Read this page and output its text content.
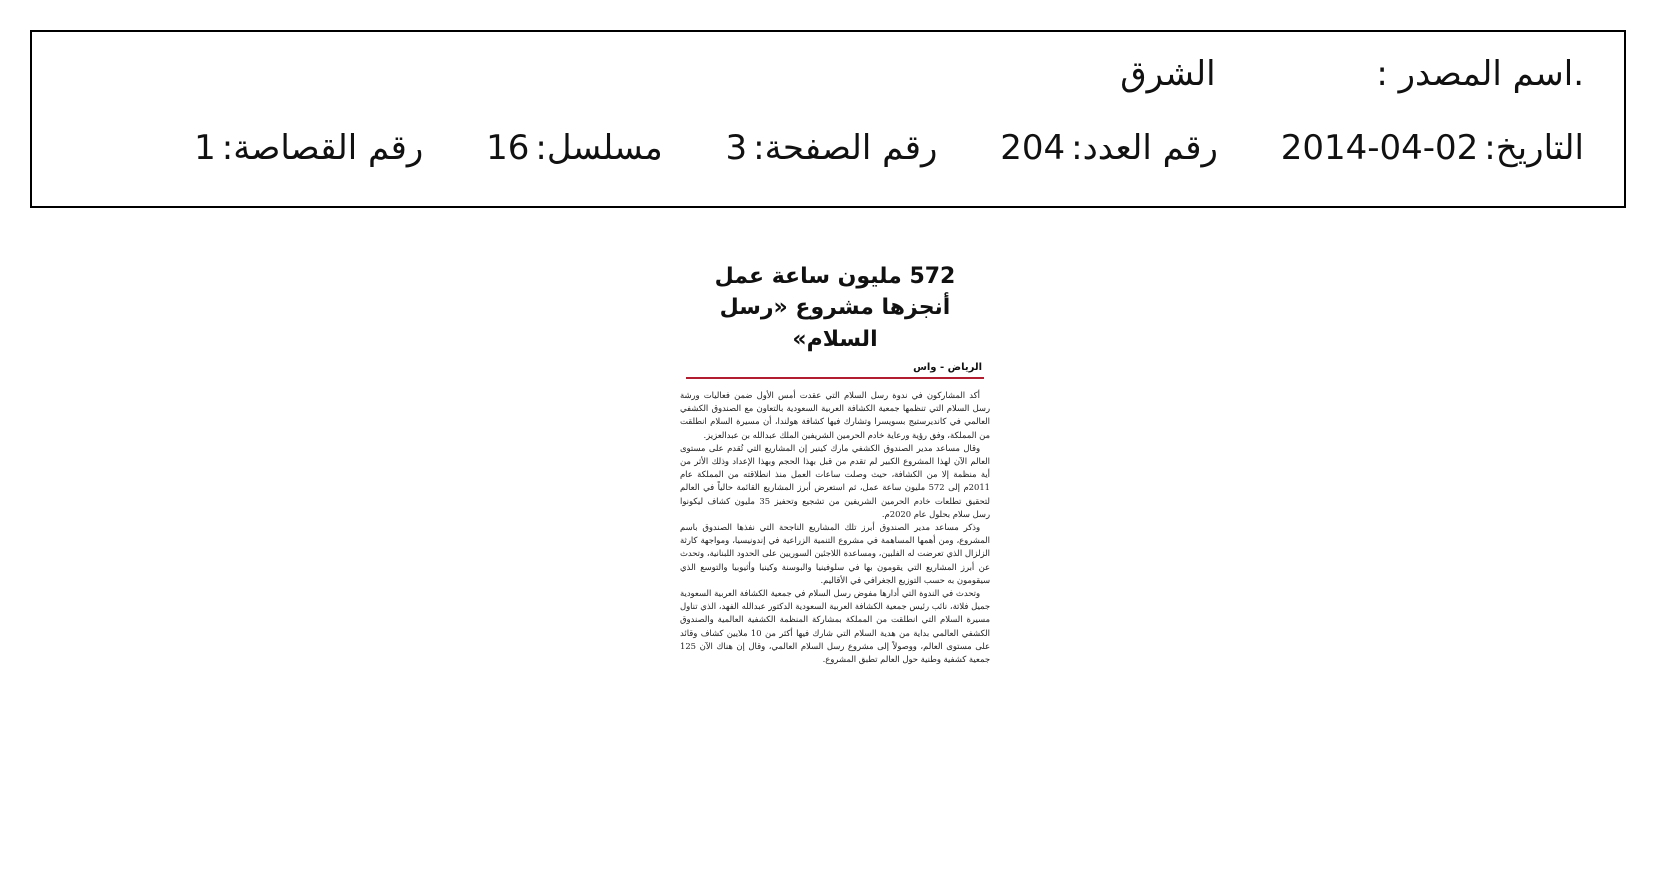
.اسم المصدر : الشرق
التاريخ:2014-04-02 رقم العدد:204 رقم الصفحة:3 مسلسل:16 رقم القصاصة:1
572 مليون ساعة عمل
أنجزها مشروع «رسل السلام»
الرياض - واس

أكد المشاركون في ندوة رسل السلام التي عقدت أمس الأول ضمن فعاليات ورشة رسل السلام التي تنظمها جمعية الكشافة العربية السعودية بالتعاون مع الصندوق الكشفي العالمي في كانديرستيج بسويسرا وتشارك فيها كشافة هولندا، أن مسيرة السلام انطلقت من المملكة، وفق رؤية ورعاية خادم الحرمين الشريفين الملك عبدالله بن عبدالعزيز.

وقال مساعد مدير الصندوق الكشفي مارك كينير إن المشاريع التي تُقدم على مستوى العالم الآن لهذا المشروع الكبير لم تقدم من قبل بهذا الحجم وبهذا الإعداد وذلك الأثر من أية منظمة إلا من الكشافة، حيث وصلت ساعات العمل منذ انطلاقته من المملكة عام 2011م إلى 572 مليون ساعة عمل، ثم استعرض أبرز المشاريع القائمة حالياً في العالم لتحقيق تطلعات خادم الحرمين الشريفين من تشجيع وتحفيز 35 مليون كشاف ليكونوا رسل سلام بحلول عام 2020م.

وذكر مساعد مدير الصندوق أبرز تلك المشاريع الناجحة التي نفذها الصندوق باسم المشروع، ومن أهمها المساهمة في مشروع التنمية الزراعية في إندونيسيا، ومواجهة كارثة الزلزال الذي تعرضت له الفلبين، ومساعدة اللاجئين السوريين على الحدود اللبنانية، وتحدث عن أبرز المشاريع التي يقومون بها في سلوفينيا والبوسنة وكينيا وأثيوبيا والتوسع الذي سيقومون به حسب التوزيع الجغرافي في الأقاليم.

وتحدث في الندوة التي أدارها مفوض رسل السلام في جمعية الكشافة العربية السعودية جميل فلاتة، نائب رئيس جمعية الكشافة العربية السعودية الدكتور عبدالله الفهد، الذي تناول مسيرة السلام التي انطلقت من المملكة بمشاركة المنظمة الكشفية العالمية والصندوق الكشفي العالمي بداية من هدية السلام التي شارك فيها أكثر من 10 ملايين كشاف وقائد على مستوى العالم، ووصولاً إلى مشروع رسل السلام العالمي، وقال إن هناك الآن 125 جمعية كشفية وطنية حول العالم تطبق المشروع.
